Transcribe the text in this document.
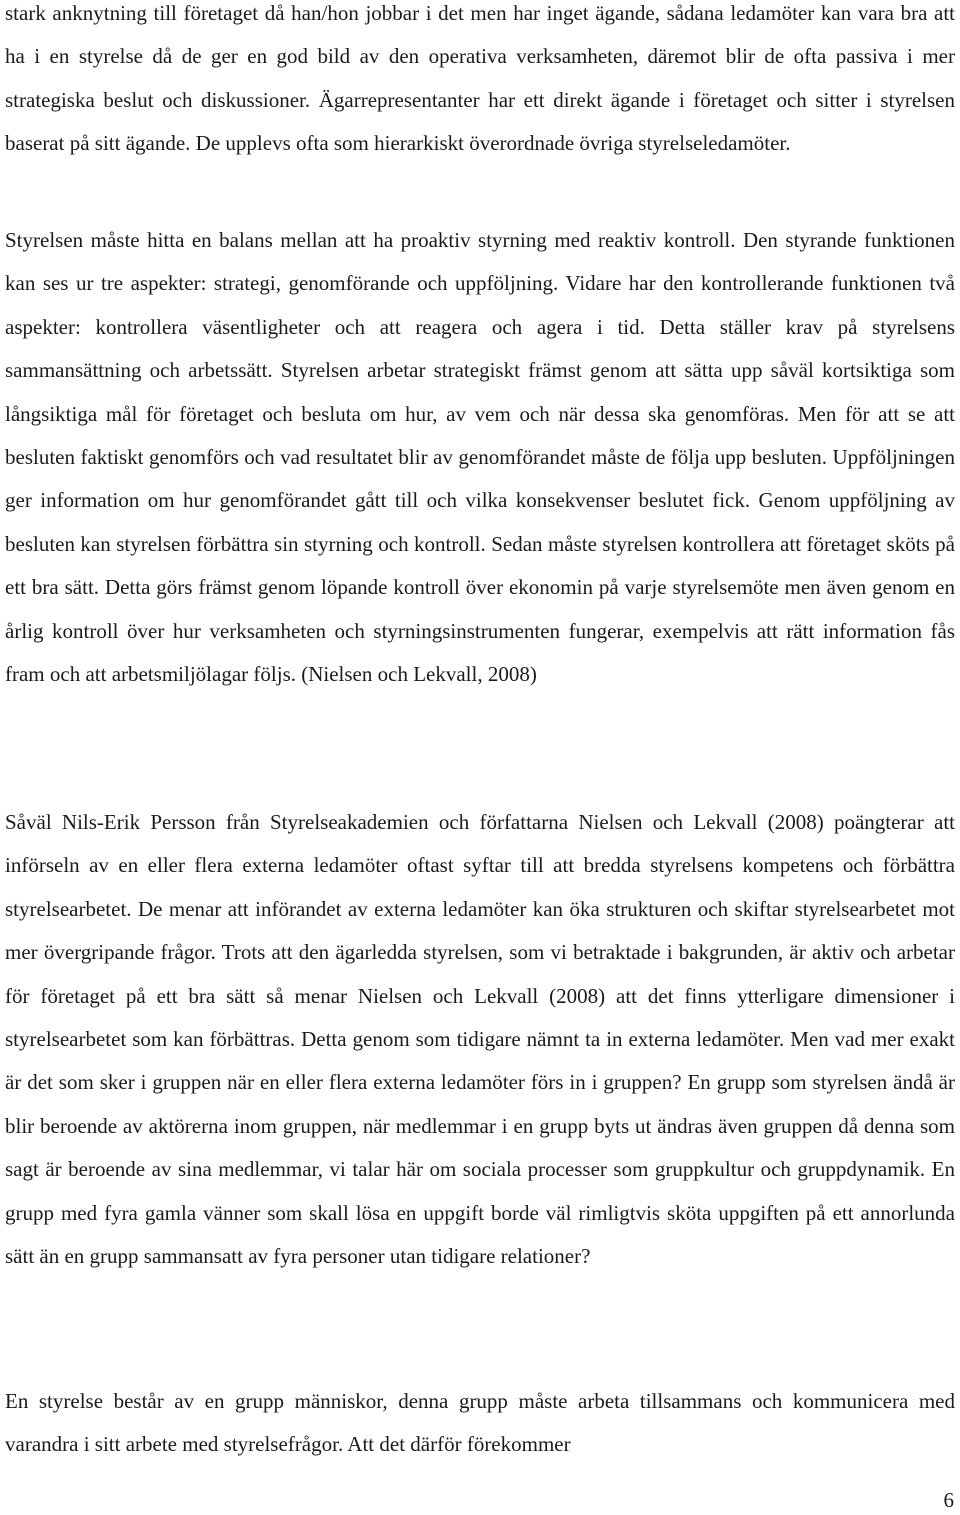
stark anknytning till företaget då han/hon jobbar i det men har inget ägande, sådana ledamöter kan vara bra att ha i en styrelse då de ger en god bild av den operativa verksamheten, däremot blir de ofta passiva i mer strategiska beslut och diskussioner. Ägarrepresentanter har ett direkt ägande i företaget och sitter i styrelsen baserat på sitt ägande. De upplevs ofta som hierarkiskt överordnade övriga styrelseledamöter.

Styrelsen måste hitta en balans mellan att ha proaktiv styrning med reaktiv kontroll. Den styrande funktionen kan ses ur tre aspekter: strategi, genomförande och uppföljning. Vidare har den kontrollerande funktionen två aspekter: kontrollera väsentligheter och att reagera och agera i tid. Detta ställer krav på styrelsens sammansättning och arbetssätt. Styrelsen arbetar strategiskt främst genom att sätta upp såväl kortsiktiga som långsiktiga mål för företaget och besluta om hur, av vem och när dessa ska genomföras. Men för att se att besluten faktiskt genomförs och vad resultatet blir av genomförandet måste de följa upp besluten. Uppföljningen ger information om hur genomförandet gått till och vilka konsekvenser beslutet fick. Genom uppföljning av besluten kan styrelsen förbättra sin styrning och kontroll. Sedan måste styrelsen kontrollera att företaget sköts på ett bra sätt. Detta görs främst genom löpande kontroll över ekonomin på varje styrelsemöte men även genom en årlig kontroll över hur verksamheten och styrningsinstrumenten fungerar, exempelvis att rätt information fås fram och att arbetsmiljölagar följs. (Nielsen och Lekvall, 2008)

Såväl Nils-Erik Persson från Styrelseakademien och författarna Nielsen och Lekvall (2008) poängterar att införseln av en eller flera externa ledamöter oftast syftar till att bredda styrelsens kompetens och förbättra styrelsearbetet. De menar att införandet av externa ledamöter kan öka strukturen och skiftar styrelsearbetet mot mer övergripande frågor. Trots att den ägarledda styrelsen, som vi betraktade i bakgrunden, är aktiv och arbetar för företaget på ett bra sätt så menar Nielsen och Lekvall (2008) att det finns ytterligare dimensioner i styrelsearbetet som kan förbättras. Detta genom som tidigare nämnt ta in externa ledamöter. Men vad mer exakt är det som sker i gruppen när en eller flera externa ledamöter förs in i gruppen? En grupp som styrelsen ändå är blir beroende av aktörerna inom gruppen, när medlemmar i en grupp byts ut ändras även gruppen då denna som sagt är beroende av sina medlemmar, vi talar här om sociala processer som gruppkultur och gruppdynamik. En grupp med fyra gamla vänner som skall lösa en uppgift borde väl rimligtvis sköta uppgiften på ett annorlunda sätt än en grupp sammansatt av fyra personer utan tidigare relationer?

En styrelse består av en grupp människor, denna grupp måste arbeta tillsammans och kommunicera med varandra i sitt arbete med styrelsefrågor. Att det därför förekommer

6
